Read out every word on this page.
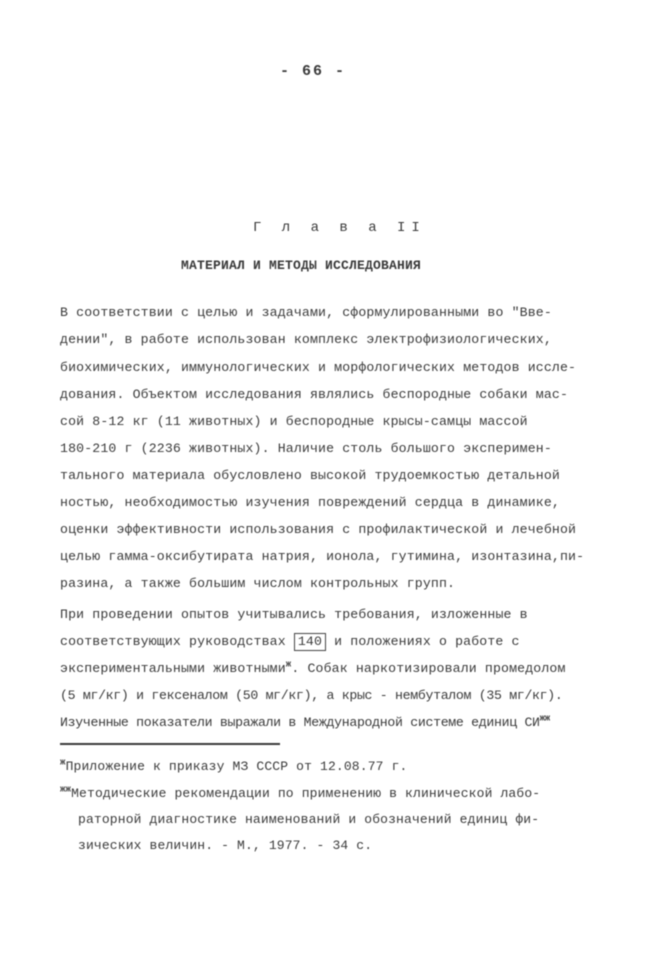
- 66 -
Г л а в а II
МАТЕРИАЛ И МЕТОДЫ ИССЛЕДОВАНИЯ
В соответствии с целью и задачами, сформулированными во "Вве-
дении", в работе использован комплекс электрофизиологических,
биохимических, иммунологических и морфологических методов иссле-
дования. Объектом исследования являлись беспородные собаки мас-
сой 8-12 кг (11 животных) и беспородные крысы-самцы массой
180-210 г (2236 животных). Наличие столь большого эксперимен-
тального материала обусловлено высокой трудоемкостью детальной
ностью, необходимостью изучения повреждений сердца в динамике,
оценки эффективности использования с профилактической и лечебной
целью гамма-оксибутирата натрия, ионола, гутимина, изонтазина,пи-
разина, а также большим числом контрольных групп.
При проведении опытов учитывались требования, изложенные в
соответствующих руководствах 140 и положениях о работе с
экспериментальными животными$^ж$. Собак наркотизировали промедолом
(5 мг/кг) и гексеналом (50 мг/кг), а крыс - нембуталом (35 мг/кг).
Изученные показатели выражали в Международной системе единиц $СИ^{жж}$
$^ж$Приложение к приказу МЗ СССР от 12.08.77 г.
$^{жж}$Методические рекомендации по применению в клинической лабо-
раторной диагностике наименований и обозначений единиц фи-
зических величин. - М., 1977. - 34 с.
